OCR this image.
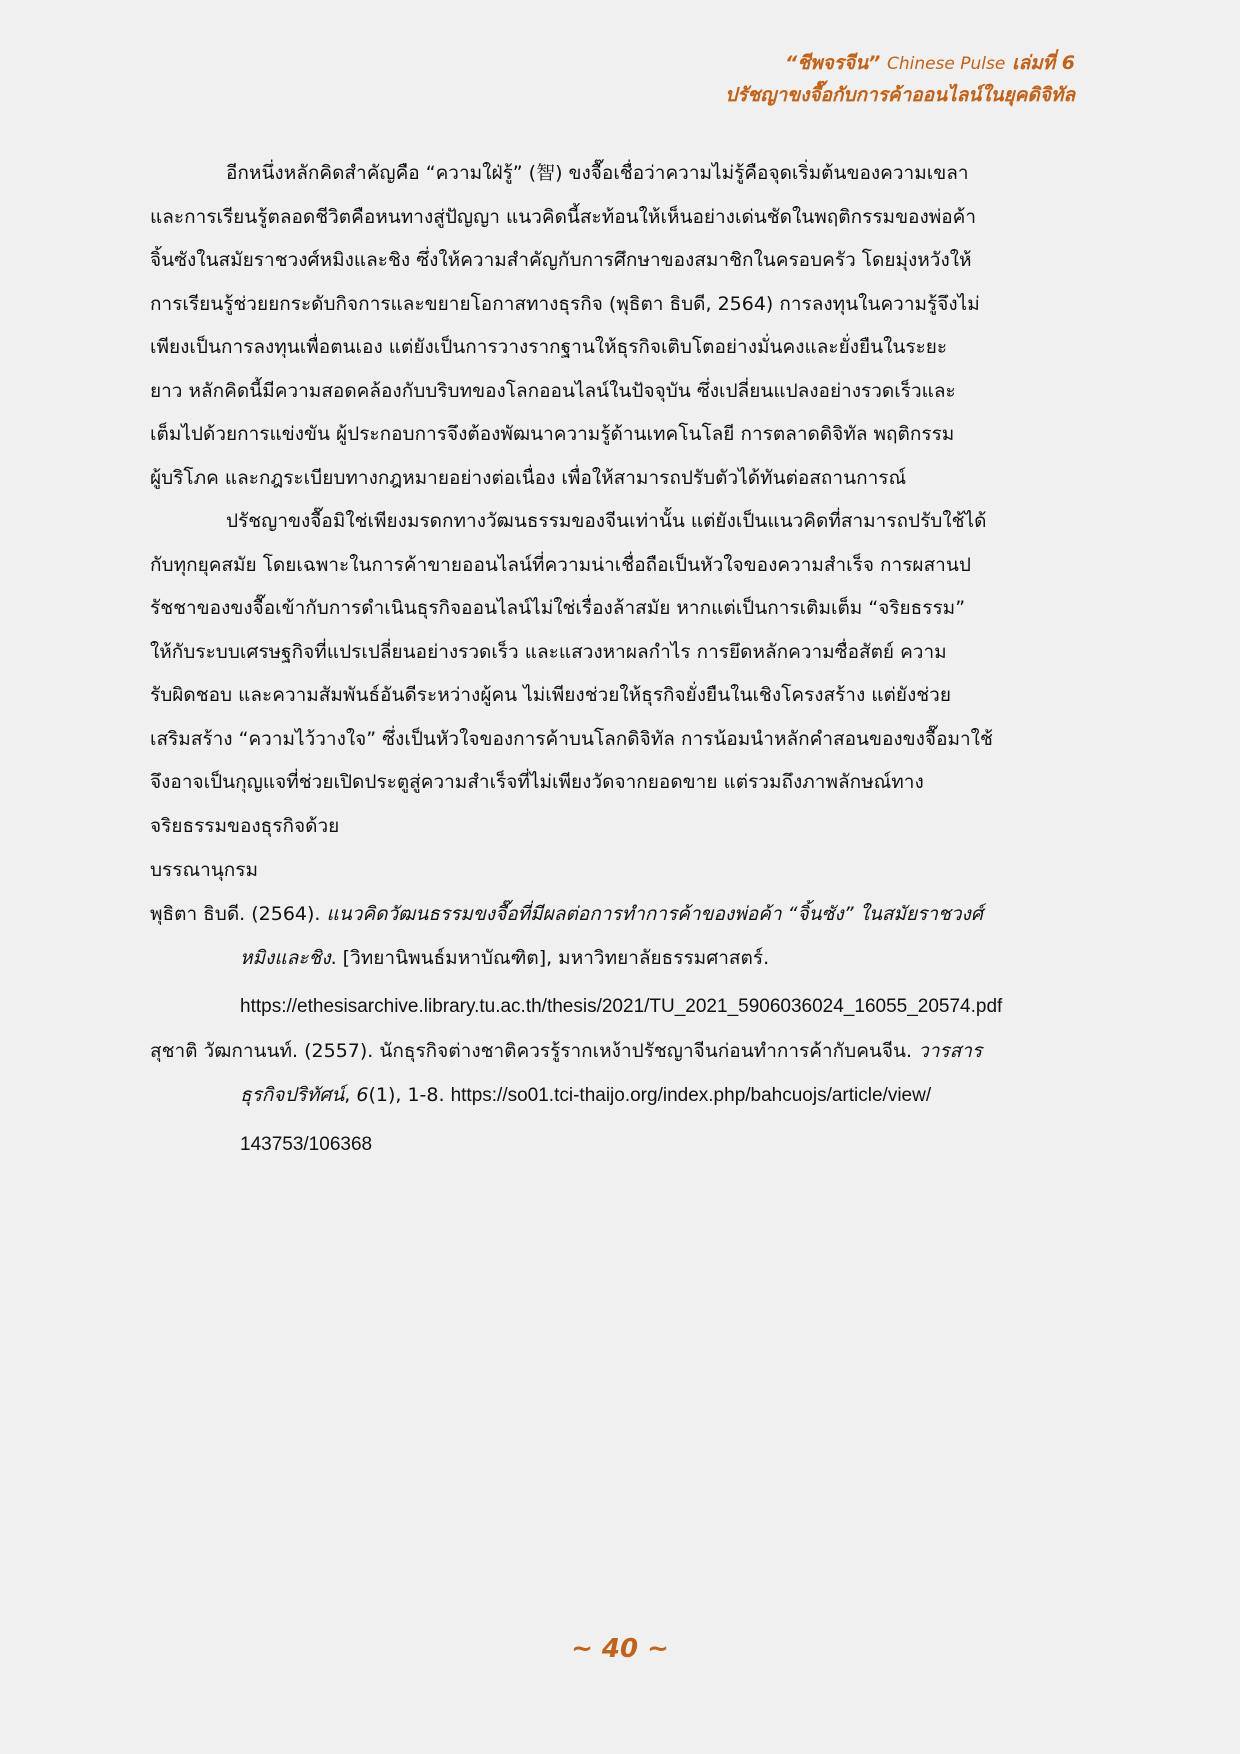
“ชีพจรจีน” Chinese Pulse เล่มที่ 6
ปรัชญาขงจื๊อกับการค้าออนไลน์ในยุคดิจิทัล

อีกหนึ่งหลักคิดสำคัญคือ “ความใฝ่รู้” (智) ขงจื๊อเชื่อว่าความไม่รู้คือจุดเริ่มต้นของความเขลา
และการเรียนรู้ตลอดชีวิตคือหนทางสู่ปัญญา แนวคิดนี้สะท้อนให้เห็นอย่างเด่นชัดในพฤติกรรมของพ่อค้า
จิ้นซังในสมัยราชวงศ์หมิงและชิง ซึ่งให้ความสำคัญกับการศึกษาของสมาชิกในครอบครัว โดยมุ่งหวังให้
การเรียนรู้ช่วยยกระดับกิจการและขยายโอกาสทางธุรกิจ (พุธิตา ธิบดี, 2564) การลงทุนในความรู้จึงไม่
เพียงเป็นการลงทุนเพื่อตนเอง แต่ยังเป็นการวางรากฐานให้ธุรกิจเติบโตอย่างมั่นคงและยั่งยืนในระยะ
ยาว หลักคิดนี้มีความสอดคล้องกับบริบทของโลกออนไลน์ในปัจจุบัน ซึ่งเปลี่ยนแปลงอย่างรวดเร็วและ
เต็มไปด้วยการแข่งขัน ผู้ประกอบการจึงต้องพัฒนาความรู้ด้านเทคโนโลยี การตลาดดิจิทัล พฤติกรรม
ผู้บริโภค และกฎระเบียบทางกฎหมายอย่างต่อเนื่อง เพื่อให้สามารถปรับตัวได้ทันต่อสถานการณ์

ปรัชญาขงจื๊อมิใช่เพียงมรดกทางวัฒนธรรมของจีนเท่านั้น แต่ยังเป็นแนวคิดที่สามารถปรับใช้ได้
กับทุกยุคสมัย โดยเฉพาะในการค้าขายออนไลน์ที่ความน่าเชื่อถือเป็นหัวใจของความสำเร็จ การผสานป
รัชชาของขงจื๊อเข้ากับการดำเนินธุรกิจออนไลน์ไม่ใช่เรื่องล้าสมัย หากแต่เป็นการเติมเต็ม “จริยธรรม”
ให้กับระบบเศรษฐกิจที่แปรเปลี่ยนอย่างรวดเร็ว และแสวงหาผลกำไร การยึดหลักความซื่อสัตย์ ความ
รับผิดชอบ และความสัมพันธ์อันดีระหว่างผู้คน ไม่เพียงช่วยให้ธุรกิจยั่งยืนในเชิงโครงสร้าง แต่ยังช่วย
เสริมสร้าง “ความไว้วางใจ” ซึ่งเป็นหัวใจของการค้าบนโลกดิจิทัล การน้อมนำหลักคำสอนของขงจื๊อมาใช้
จึงอาจเป็นกุญแจที่ช่วยเปิดประตูสู่ความสำเร็จที่ไม่เพียงวัดจากยอดขาย แต่รวมถึงภาพลักษณ์ทาง
จริยธรรมของธุรกิจด้วย

บรรณานุกรม

พุธิตา ธิบดี. (2564). แนวคิดวัฒนธรรมขงจื๊อที่มีผลต่อการทำการค้าของพ่อค้า “จิ้นซัง” ในสมัยราชวงศ์
หมิงและชิง. [วิทยานิพนธ์มหาบัณฑิต], มหาวิทยาลัยธรรมศาสตร์.
https://ethesisarchive.library.tu.ac.th/thesis/2021/TU_2021_5906036024_16055_20574.pdf
สุชาติ วัฒกานนท์. (2557). นักธุรกิจต่างชาติควรรู้รากเหง้าปรัชญาจีนก่อนทำการค้ากับคนจีน. วารสาร
ธุรกิจปริทัศน์, 6(1), 1-8. https://so01.tci-thaijo.org/index.php/bahcuojs/article/view/
143753/106368
~ 40 ~
